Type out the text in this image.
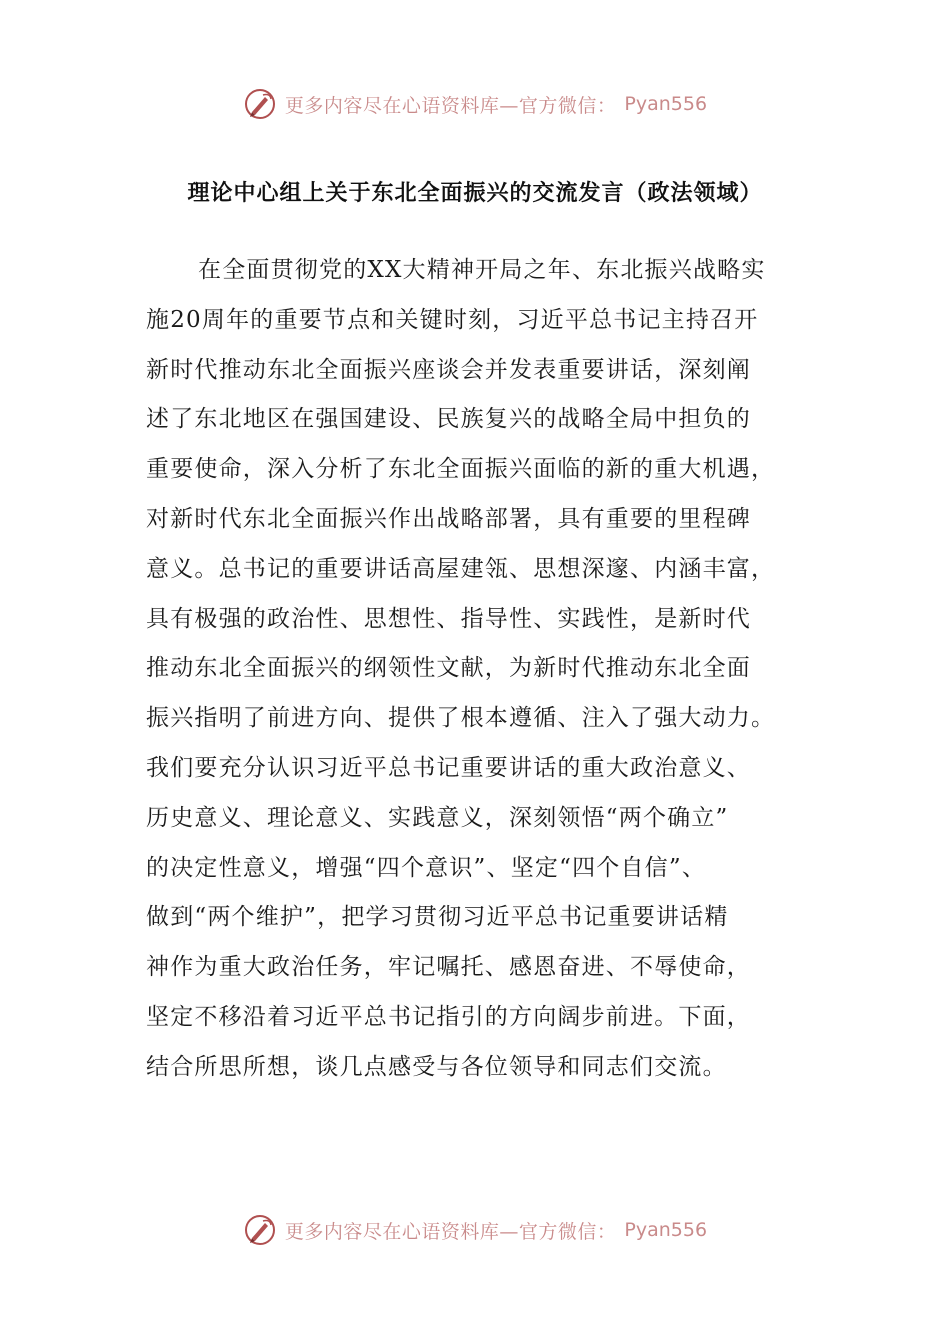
更多内容尽在心语资料库—官方微信： Pyan556
理论中心组上关于东北全面振兴的交流发言（政法领域）
在全面贯彻党的XX大精神开局之年、东北振兴战略实
施20周年的重要节点和关键时刻，习近平总书记主持召开
新时代推动东北全面振兴座谈会并发表重要讲话，深刻阐
述了东北地区在强国建设、民族复兴的战略全局中担负的
重要使命，深入分析了东北全面振兴面临的新的重大机遇，
对新时代东北全面振兴作出战略部署，具有重要的里程碑
意义。总书记的重要讲话高屋建瓴、思想深邃、内涵丰富，
具有极强的政治性、思想性、指导性、实践性，是新时代
推动东北全面振兴的纲领性文献，为新时代推动东北全面
振兴指明了前进方向、提供了根本遵循、注入了强大动力。
我们要充分认识习近平总书记重要讲话的重大政治意义、
历史意义、理论意义、实践意义，深刻领悟“两个确立”
的决定性意义，增强“四个意识”、坚定“四个自信”、
做到“两个维护”，把学习贯彻习近平总书记重要讲话精
神作为重大政治任务，牢记嘱托、感恩奋进、不辱使命，
坚定不移沿着习近平总书记指引的方向阔步前进。下面，
结合所思所想，谈几点感受与各位领导和同志们交流。
更多内容尽在心语资料库—官方微信： Pyan556
